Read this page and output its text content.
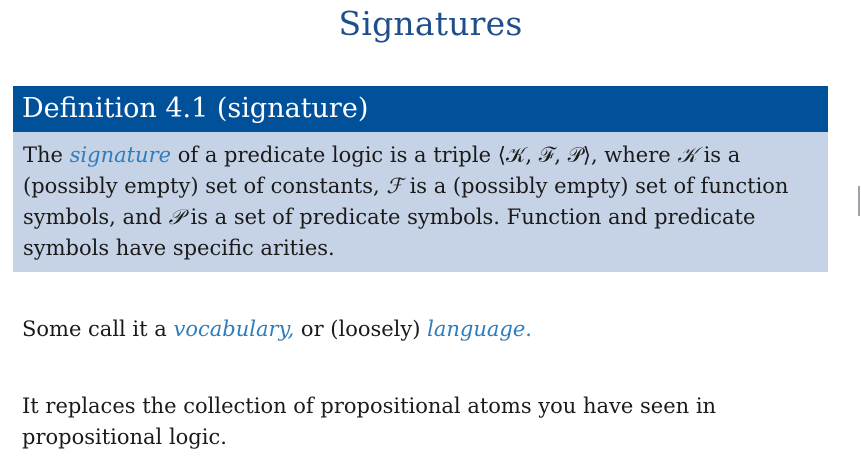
Signatures
Definition 4.1 (signature)
The signature of a predicate logic is a triple ⟨𝒦, ℱ, 𝒫⟩, where 𝒦 is a (possibly empty) set of constants, ℱ is a (possibly empty) set of function symbols, and 𝒫 is a set of predicate symbols. Function and predicate symbols have specific arities.
Some call it a vocabulary, or (loosely) language.
It replaces the collection of propositional atoms you have seen in propositional logic.
